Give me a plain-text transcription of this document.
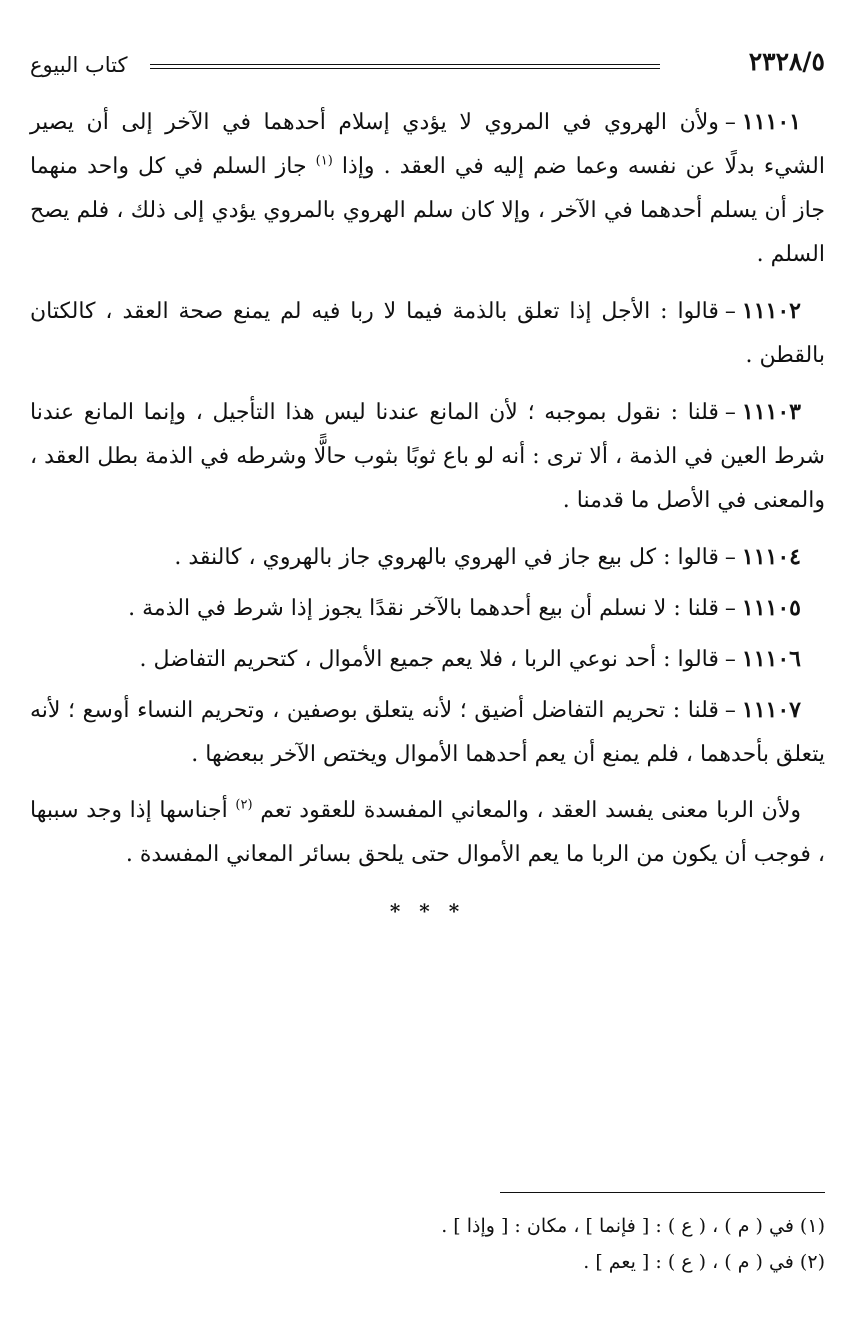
٢٣٢٨/٥
كتاب البيوع

١١١٠١–ولأن الهروي في المروي لا يؤدي إسلام أحدهما في الآخر إلى أن يصير الشيء بدلًا عن نفسه وعما ضم إليه في العقد . وإذا $^{(١)}$ جاز السلم في كل واحد منهما جاز أن يسلم أحدهما في الآخر ، وإلا كان سلم الهروي بالمروي يؤدي إلى ذلك ، فلم يصح السلم .

١١١٠٢–قالوا : الأجل إذا تعلق بالذمة فيما لا ربا فيه لم يمنع صحة العقد ، كالكتان بالقطن .

١١١٠٣–قلنا : نقول بموجبه ؛ لأن المانع عندنا ليس هذا التأجيل ، وإنما المانع عندنا شرط العين في الذمة ، ألا ترى : أنه لو باع ثوبًا بثوب حالًّا وشرطه في الذمة بطل العقد ، والمعنى في الأصل ما قدمنا .

١١١٠٤–قالوا : كل بيع جاز في الهروي بالهروي جاز بالهروي ، كالنقد .

١١١٠٥–قلنا : لا نسلم أن بيع أحدهما بالآخر نقدًا يجوز إذا شرط في الذمة .

١١١٠٦–قالوا : أحد نوعي الربا ، فلا يعم جميع الأموال ، كتحريم التفاضل .

١١١٠٧–قلنا : تحريم التفاضل أضيق ؛ لأنه يتعلق بوصفين ، وتحريم النساء أوسع ؛ لأنه يتعلق بأحدهما ، فلم يمنع أن يعم أحدهما الأموال ويختص الآخر ببعضها .

ولأن الربا معنى يفسد العقد ، والمعاني المفسدة للعقود تعم $^{(٢)}$ أجناسها إذا وجد سببها ، فوجب أن يكون من الربا ما يعم الأموال حتى يلحق بسائر المعاني المفسدة .

* * *

(١) في ( م ) ، ( ع ) : [ فإنما ] ، مكان : [ وإذا ] .

(٢) في ( م ) ، ( ع ) : [ يعم ] .
